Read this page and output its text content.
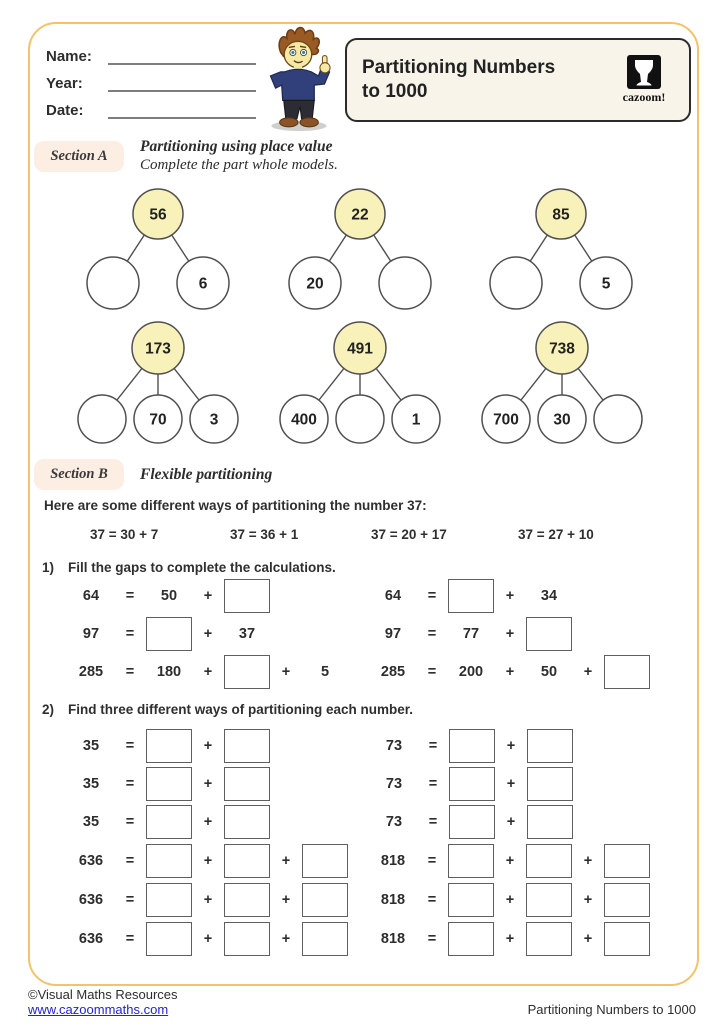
Name:
Year:
Date:
Partitioning Numbers
to 1000	cazoom!
Section A
Partitioning using place value
Complete the part whole models.
56
6
22
20
85
5
173
70	3
491
400	1
738
700 30
Section B	Flexible partitioning
Here are some different ways of partitioning the number 37:
37 = 30 + 7	37 = 36 + 1	37 = 20 + 17	37 = 27 + 10
1) Fill the gaps to complete the calculations.
64	=	50	+
97	=	+	37
285	=	180	+	+	5
64	=	+	34
97	=	77	+
285	=	200	+	50	+
2) Find three different ways of partitioning each number.
35	=	+
35	=	+
35	=	+
73	=	+
73	=	+
73	=	+
636	=	+	+
636	=	+	+
636	=	+	+
818	=	+	+
818	=	+	+
818	=	+	+
©Visual Maths Resources
www.cazoommaths.com	Partitioning Numbers to 1000
